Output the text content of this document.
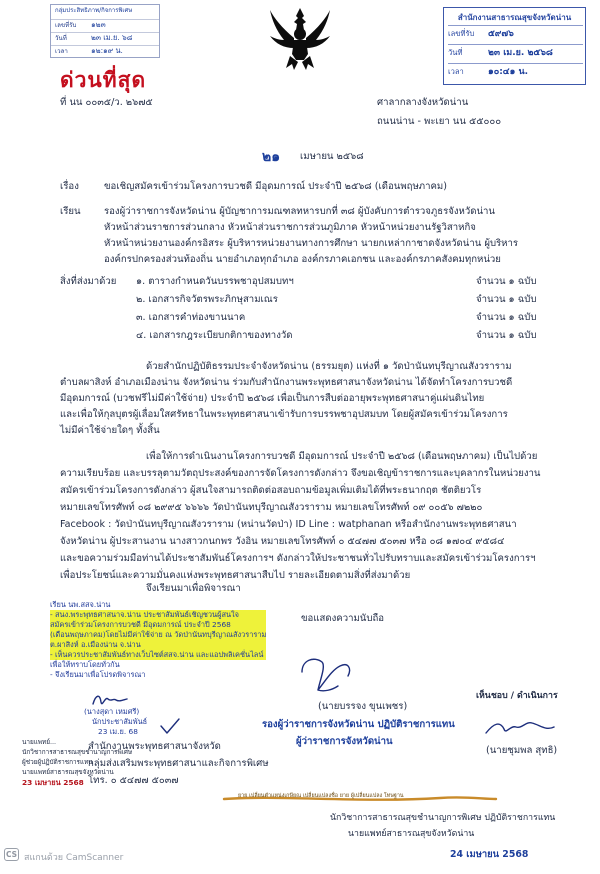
กลุ่มประสิทธิภาพ/กิจการพิเศษ
เลขที่รับ ๑๒๓
วันที่	๒๓ เม.ย. ๖๘
เวลา	๑๒:๑๙ น.
สำนักงานสาธารณสุขจังหวัดน่าน
เลขที่รับ ๕๙๗๖
วันที่	๒๓ เม.ย. ๒๕๖๘
เวลา	๑๐:๔๑ น.
ด่วนที่สุด
ที่ นน ๐๐๓๕/ว. ๒๖๗๕	ศาลากลางจังหวัดน่าน
ถนนน่าน - พะเยา นน ๕๕๐๐๐
๒๑ เมษายน ๒๕๖๘
เรื่อง	ขอเชิญสมัครเข้าร่วมโครงการบวชดี มีอุดมการณ์ ประจำปี ๒๕๖๘ (เดือนพฤษภาคม)
เรียน รองผู้ว่าราชการจังหวัดน่าน ผู้บัญชาการมณฑลทหารบกที่ ๓๘ ผู้บังคับการตำรวจภูธรจังหวัดน่าน
หัวหน้าส่วนราชการส่วนกลาง หัวหน้าส่วนราชการส่วนภูมิภาค หัวหน้าหน่วยงานรัฐวิสาหกิจ
หัวหน้าหน่วยงานองค์กรอิสระ ผู้บริหารหน่วยงานทางการศึกษา นายกเหล่ากาชาดจังหวัดน่าน ผู้บริหาร
องค์กรปกครองส่วนท้องถิ่น นายอำเภอทุกอำเภอ องค์กรภาคเอกชน และองค์กรภาคสังคมทุกหน่วย
สิ่งที่ส่งมาด้วย ๑. ตารางกำหนดวันบรรพชาอุปสมบทฯ	จำนวน ๑ ฉบับ
๒. เอกสารกิจวัตรพระภิกษุสามเณร	จำนวน ๑ ฉบับ
๓. เอกสารคำท่องขานนาค	จำนวน ๑ ฉบับ
๔. เอกสารกฎระเบียบกติกาของทางวัด	จำนวน ๑ ฉบับ
ด้วยสำนักปฏิบัติธรรมประจำจังหวัดน่าน (ธรรมยุต) แห่งที่ ๑ วัดป่านันทบุรีญาณสังวราราม
ตำบลผาสิงห์ อำเภอเมืองน่าน จังหวัดน่าน ร่วมกับสำนักงานพระพุทธศาสนาจังหวัดน่าน ได้จัดทำโครงการบวชดี
มีอุดมการณ์ (บวชฟรีไม่มีค่าใช้จ่าย) ประจำปี ๒๕๖๘ เพื่อเป็นการสืบต่ออายุพระพุทธศาสนาคู่แผ่นดินไทย
และเพื่อให้กุลบุตรผู้เลื่อมใสศรัทธาในพระพุทธศาสนาเข้ารับการบรรพชาอุปสมบท โดยผู้สมัครเข้าร่วมโครงการ
ไม่มีค่าใช้จ่ายใดๆ ทั้งสิ้น
เพื่อให้การดำเนินงานโครงการบวชดี มีอุดมการณ์ ประจำปี ๒๕๖๘ (เดือนพฤษภาคม) เป็นไปด้วย
ความเรียบร้อย และบรรลุตามวัตถุประสงค์ของการจัดโครงการดังกล่าว จึงขอเชิญข้าราชการและบุคลากรในหน่วยงาน
สมัครเข้าร่วมโครงการดังกล่าว ผู้สนใจสามารถติดต่อสอบถามข้อมูลเพิ่มเติมได้ที่พระธนากฤต ชัตติยวโร
หมายเลขโทรศัพท์ ๐๘ ๒๙๙๕ ๖๖๖๖ วัดป่านันทบุรีญาณสังวราราม หมายเลขโทรศัพท์ ๐๙ ๐๐๕๖ ๗๒๒๐
Facebook : วัดป่านันทบุรีญาณสังวราราม (หน่านวัดป่า) ID Line : watphanan หรือสำนักงานพระพุทธศาสนา
จังหวัดน่าน ผู้ประสานงาน นางสาวกนกพร วังอิน หมายเลขโทรศัพท์ ๐ ๕๔๗๗ ๕๐๓๗ หรือ ๐๘ ๑๗๐๔ ๙๕๘๔
และขอความร่วมมือท่านได้ประชาสัมพันธ์โครงการฯ ดังกล่าวให้ประชาชนทั่วไปรับทราบและสมัครเข้าร่วมโครงการฯ
เพื่อประโยชน์และความมั่นคงแห่งพระพุทธศาสนาสืบไป รายละเอียดตามสิ่งที่ส่งมาด้วย
จึงเรียนมาเพื่อพิจารณา
ขอแสดงความนับถือ
เรียน นพ.สสจ.น่าน
- สนง.พระพุทธศาสนาจ.น่าน ประชาสัมพันธ์เชิญชวนผู้สนใจ
สมัครเข้าร่วมโครงการบวชดี มีอุดมการณ์ ประจำปี 2568
(เดือนพฤษภาคม)โดยไม่มีค่าใช้จ่าย ณ วัดป่านันทบุรีญาณสังวราราม
ต.ผาสิงห์ อ.เมืองน่าน จ.น่าน
- เห็นควรประชาสัมพันธ์ทางเว็บไซต์สสจ.น่าน และแอปพลิเคชั่นไลน์
เพื่อให้ทราบโดยทั่วกัน
- จึงเรียนมาเพื่อโปรดพิจารณา
(นางสุดา เหมศรี)
นักประชาสัมพันธ์
23 เม.ย. 68
นายแพทย์...
นักวิชาการสาธารณสุขชำนาญการพิเศษ
ผู้ช่วยผู้ปฏิบัติราชการแทน
นายแพทย์สาธารณสุขจังหวัดน่าน
23 เมษายน 2568
สำนักงานพระพุทธศาสนาจังหวัด
กลุ่มส่งเสริมพระพุทธศาสนาและกิจการพิเศษ
โทร. ๐ ๕๔๗๗ ๕๐๓๗
(นายบรรจง ขุนเพชร)
รองผู้ว่าราชการจังหวัดน่าน ปฏิบัติราชการแทน
ผู้ว่าราชการจังหวัดน่าน
เห็นชอบ / ดำเนินการ
(นายชุมพล สุทธิ)
นักวิชาการสาธารณสุขชำนาญการพิเศษ ปฏิบัติราชการแทน
นายแพทย์สาธารณสุขจังหวัดน่าน
24 เมษายน 2568
ยาย เปลี่ยนตำแหน่งเกษียณ เปลี่ยนแปลงชื่อ ยาย ผู้เปลี่ยนแปลง โทษฐาน
CS สแกนด้วย CamScanner
